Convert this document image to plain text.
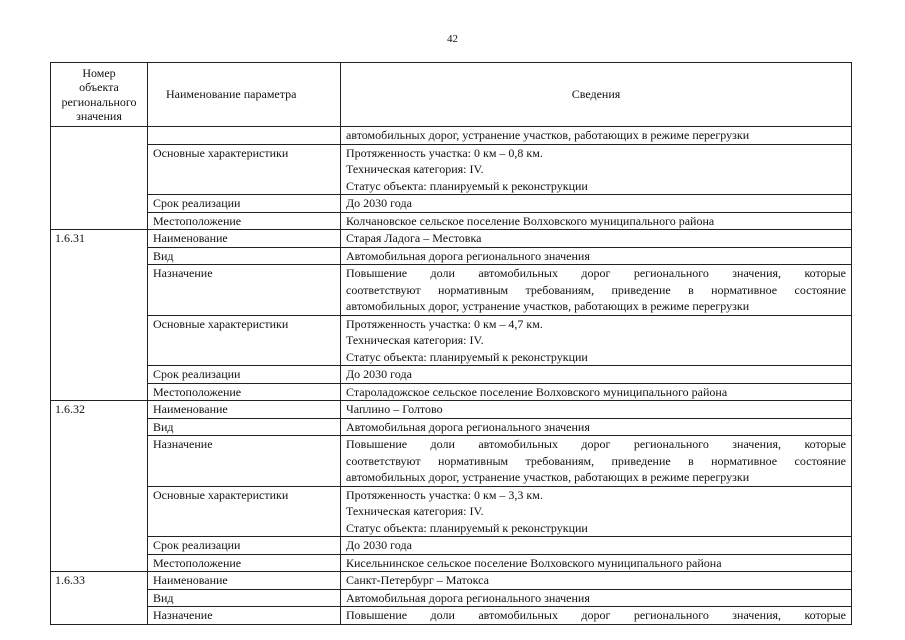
42
Номер
объекта
регионального
значения	Наименование параметра	Сведения

		автомобильных дорог, устранение участков, работающих в режиме перегрузки

	Основные характеристики	Протяженность участка: 0 км – 0,8 км.
Техническая категория: IV.
Статус объекта: планируемый к реконструкции

	Срок реализации	До 2030 года

	Местоположение	Колчановское сельское поселение Волховского муниципального района

1.6.31	Наименование	Старая Ладога – Местовка

	Вид	Автомобильная дорога регионального значения

	Назначение	Повышение доли автомобильных дорог регионального значения, которые
соответствуют нормативным требованиям, приведение в нормативное состояние
автомобильных дорог, устранение участков, работающих в режиме перегрузки

	Основные характеристики	Протяженность участка: 0 км – 4,7 км.
Техническая категория: IV.
Статус объекта: планируемый к реконструкции

	Срок реализации	До 2030 года

	Местоположение	Староладожское сельское поселение Волховского муниципального района

1.6.32	Наименование	Чаплино – Голтово

	Вид	Автомобильная дорога регионального значения

	Назначение	Повышение доли автомобильных дорог регионального значения, которые
соответствуют нормативным требованиям, приведение в нормативное состояние
автомобильных дорог, устранение участков, работающих в режиме перегрузки

	Основные характеристики	Протяженность участка: 0 км – 3,3 км.
Техническая категория: IV.
Статус объекта: планируемый к реконструкции

	Срок реализации	До 2030 года

	Местоположение	Кисельнинское сельское поселение Волховского муниципального района

1.6.33	Наименование	Санкт-Петербург – Матокса

	Вид	Автомобильная дорога регионального значения

	Назначение	Повышение доли автомобильных дорог регионального значения, которые
